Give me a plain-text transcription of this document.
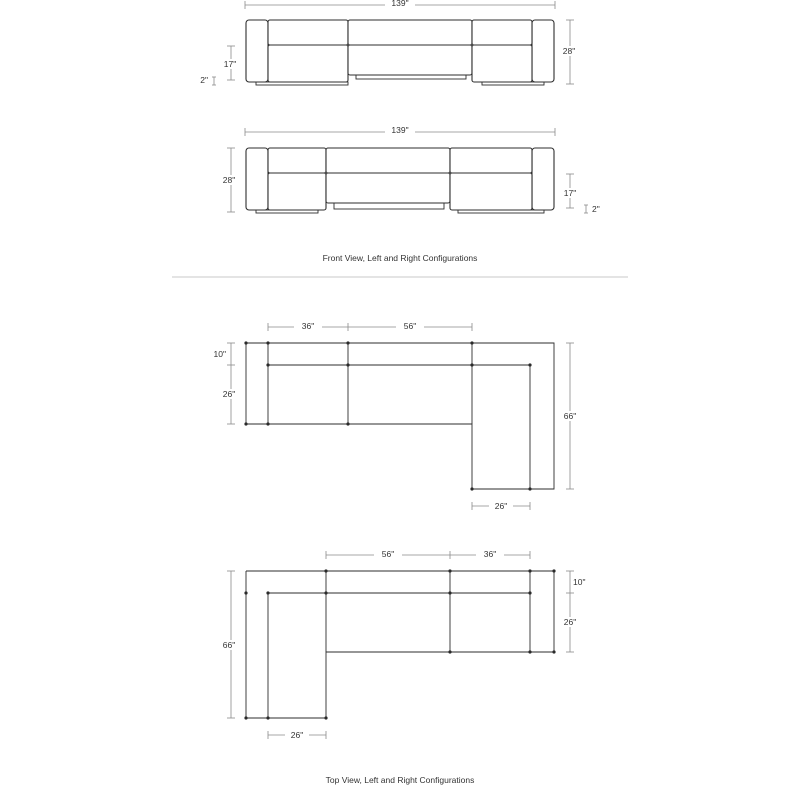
139"
17"
2"
28"
139"
28"
17"
2"
Front View, Left and Right Configurations
36"	56"
10"
26"
66"
26"
56"	36"
66"
10"
26"
26"
Top View, Left and Right Configurations
